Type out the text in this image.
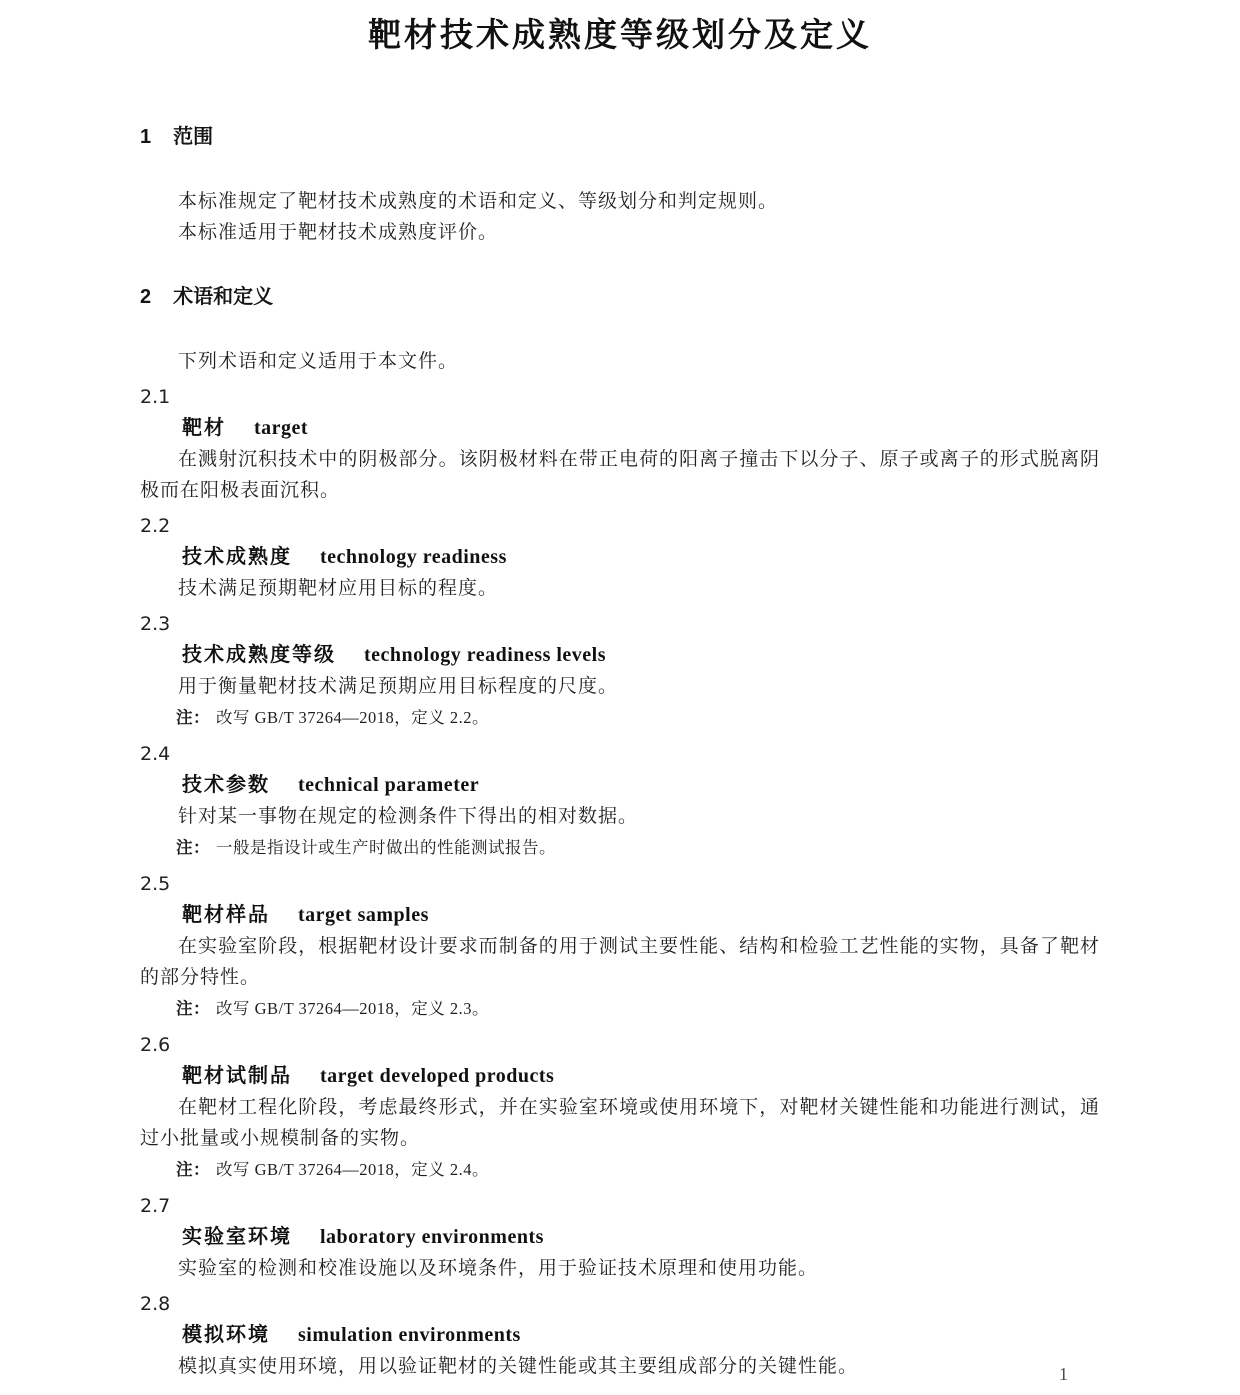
靶材技术成熟度等级划分及定义
1 范围

本标准规定了靶材技术成熟度的术语和定义、等级划分和判定规则。

本标准适用于靶材技术成熟度评价。

2 术语和定义

下列术语和定义适用于本文件。

2.1
靶材 target

在溅射沉积技术中的阴极部分。该阴极材料在带正电荷的阳离子撞击下以分子、原子或离子的形式脱离阴极而在阳极表面沉积。

2.2
技术成熟度 technology readiness

技术满足预期靶材应用目标的程度。

2.3
技术成熟度等级 technology readiness levels

用于衡量靶材技术满足预期应用目标程度的尺度。

注： 改写 GB/T 37264—2018，定义 2.2。

2.4
技术参数 technical parameter

针对某一事物在规定的检测条件下得出的相对数据。

注： 一般是指设计或生产时做出的性能测试报告。

2.5
靶材样品 target samples

在实验室阶段，根据靶材设计要求而制备的用于测试主要性能、结构和检验工艺性能的实物，具备了靶材的部分特性。

注： 改写 GB/T 37264—2018，定义 2.3。

2.6
靶材试制品 target developed products

在靶材工程化阶段，考虑最终形式，并在实验室环境或使用环境下，对靶材关键性能和功能进行测试，通过小批量或小规模制备的实物。

注： 改写 GB/T 37264—2018，定义 2.4。

2.7
实验室环境 laboratory environments

实验室的检测和校准设施以及环境条件，用于验证技术原理和使用功能。

2.8
模拟环境 simulation environments

模拟真实使用环境，用以验证靶材的关键性能或其主要组成部分的关键性能。	1
